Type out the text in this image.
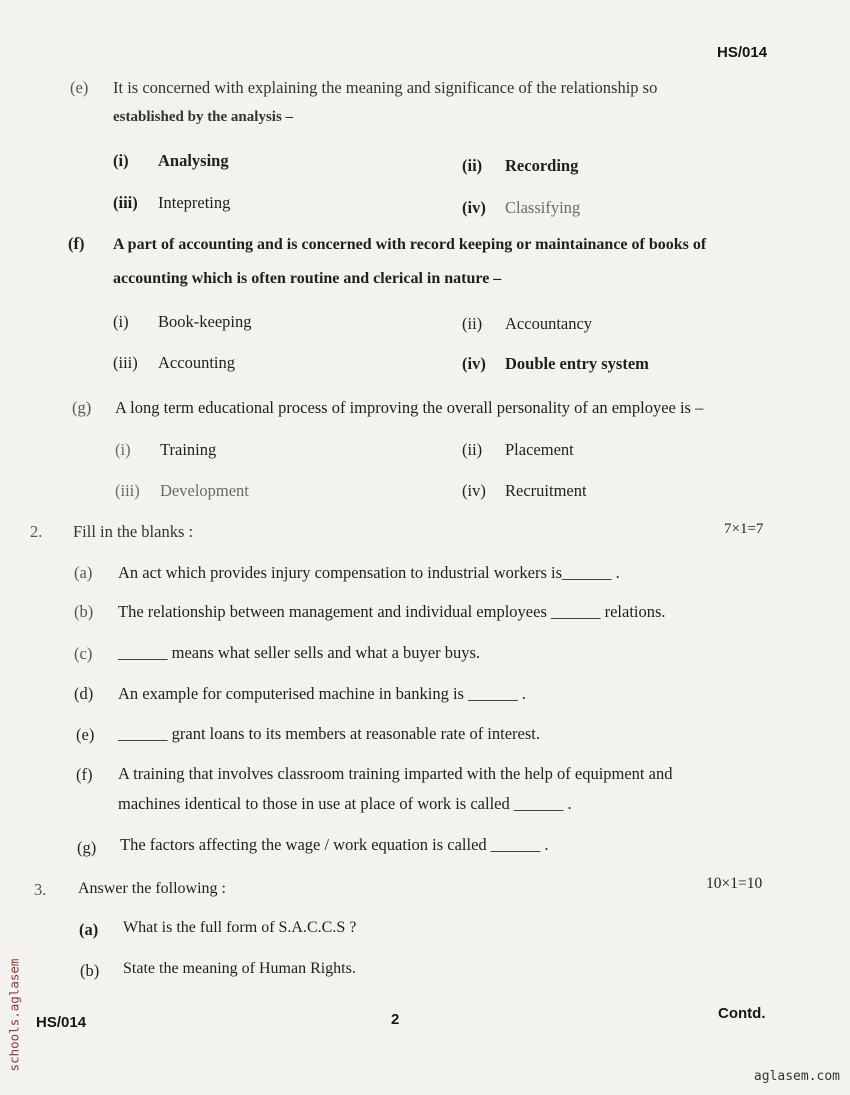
HS/014
(e) It is concerned with explaining the meaning and significance of the relationship so
established by the analysis –
(i) Analysing	(ii) Recording
(iii) Intepreting	(iv) Classifying
(f) A part of accounting and is concerned with record keeping or maintainance of books of
accounting which is often routine and clerical in nature –
(i) Book-keeping	(ii) Accountancy
(iii) Accounting	(iv) Double entry system
(g) A long term educational process of improving the overall personality of an employee is –
(i) Training	(ii) Placement
(iii) Development	(iv) Recruitment
2. Fill in the blanks :	7×1=7
(a) An act which provides injury compensation to industrial workers is______ .
(b) The relationship between management and individual employees ______ relations.
(c) ______ means what seller sells and what a buyer buys.
(d) An example for computerised machine in banking is ______ .
(e) ______ grant loans to its members at reasonable rate of interest.
(f) A training that involves classroom training imparted with the help of equipment and
machines identical to those in use at place of work is called ______ .
(g) The factors affecting the wage / work equation is called ______ .
3. Answer the following :	10×1=10
(a) What is the full form of S.A.C.C.S ?
(b) State the meaning of Human Rights.
HS/014	2	Contd.
schools.aglasem
aglasem.com
